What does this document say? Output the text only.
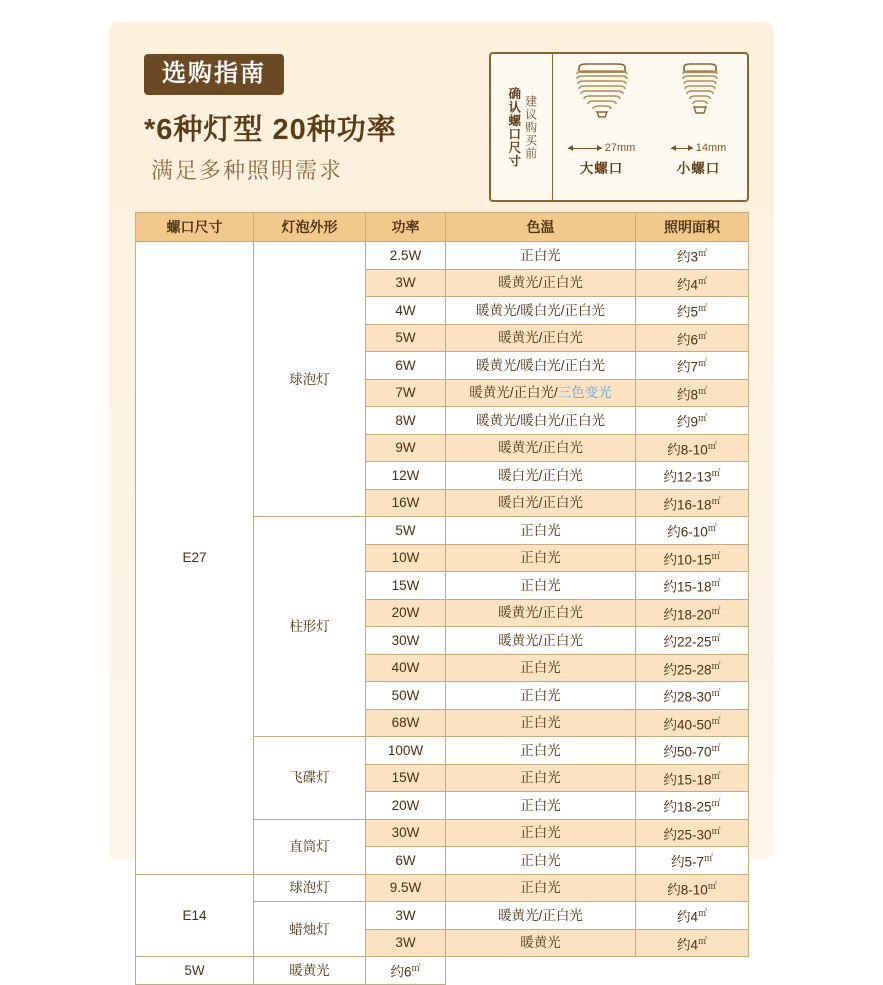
选购指南
*6种灯型 20种功率
满足多种照明需求
确认螺口尺寸 建议购买前	27mm
大螺口
14mm
小螺口
螺口尺寸	灯泡外形	功率	色温	照明面积
E27	球泡灯	2.5W	正白光	约3㎡
		3W	暖黄光/正白光	约4㎡
		4W	暖黄光/暖白光/正白光	约5㎡
		5W	暖黄光/正白光	约6㎡
		6W	暖黄光/暖白光/正白光	约7㎡
		7W	暖黄光/正白光/三色变光	约8㎡
		8W	暖黄光/暖白光/正白光	约9㎡
		9W	暖黄光/正白光	约8-10㎡
		12W	暖白光/正白光	约12-13㎡
		16W	暖白光/正白光	约16-18㎡
	柱形灯	5W	正白光	约6-10㎡
		10W	正白光	约10-15㎡
		15W	正白光	约15-18㎡
		20W	暖黄光/正白光	约18-20㎡
		30W	暖黄光/正白光	约22-25㎡
		40W	正白光	约25-28㎡
		50W	正白光	约28-30㎡
		68W	正白光	约40-50㎡
	飞碟灯	100W	正白光	约50-70㎡
		15W	正白光	约15-18㎡
		20W	正白光	约18-25㎡
	直筒灯	30W	正白光	约25-30㎡
		6W	正白光	约5-7㎡
E14	球泡灯	9.5W	正白光	约8-10㎡
	蜡烛灯	3W	暖黄光/正白光	约4㎡
		3W	暖黄光	约4㎡
5W	暖黄光	约6㎡
